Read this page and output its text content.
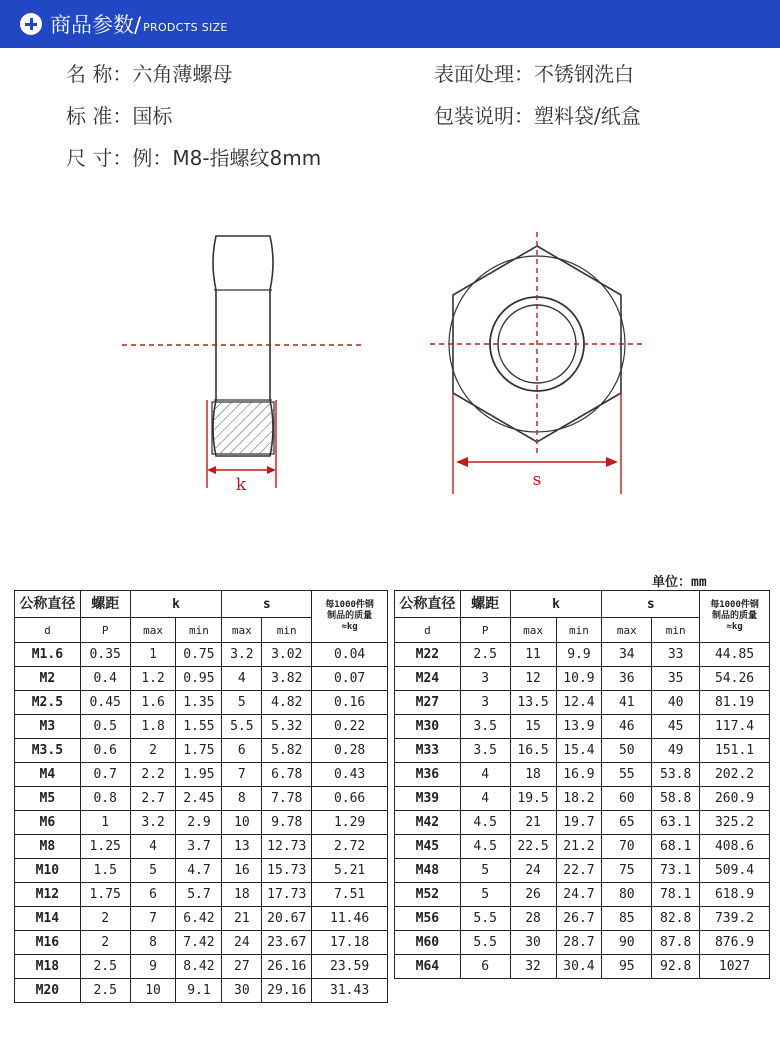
商品参数/ PRODCTS SIZE
名 称：六角薄螺母	表面处理：不锈钢洗白
标 准：国标	包装说明：塑料袋/纸盒
尺 寸：例：M8-指螺纹8mm
k	s
单位：mm
公称直径	螺距	k		s		每1000件钢
制品的质量
≈kg

d	P	max	min	max	min	
M1.6	0.35	1	0.75	3.2	3.02	0.04
M2	0.4	1.2	0.95	4	3.82	0.07
M2.5	0.45	1.6	1.35	5	4.82	0.16
M3	0.5	1.8	1.55	5.5	5.32	0.22
M3.5	0.6	2	1.75	6	5.82	0.28
M4	0.7	2.2	1.95	7	6.78	0.43
M5	0.8	2.7	2.45	8	7.78	0.66
M6	1	3.2	2.9	10	9.78	1.29
M8	1.25	4	3.7	13	12.73	2.72
M10	1.5	5	4.7	16	15.73	5.21
M12	1.75	6	5.7	18	17.73	7.51
M14	2	7	6.42	21	20.67	11.46
M16	2	8	7.42	24	23.67	17.18
M18	2.5	9	8.42	27	26.16	23.59
M20	2.5	10	9.1	30	29.16	31.43
公称直径	螺距	k		s		每1000件钢
制品的质量
≈kg

d	P	max	min	max	min	
M22	2.5	11	9.9	34	33	44.85
M24	3	12	10.9	36	35	54.26
M27	3	13.5	12.4	41	40	81.19
M30	3.5	15	13.9	46	45	117.4
M33	3.5	16.5	15.4	50	49	151.1
M36	4	18	16.9	55	53.8	202.2
M39	4	19.5	18.2	60	58.8	260.9
M42	4.5	21	19.7	65	63.1	325.2
M45	4.5	22.5	21.2	70	68.1	408.6
M48	5	24	22.7	75	73.1	509.4
M52	5	26	24.7	80	78.1	618.9
M56	5.5	28	26.7	85	82.8	739.2
M60	5.5	30	28.7	90	87.8	876.9
M64	6	32	30.4	95	92.8	1027
